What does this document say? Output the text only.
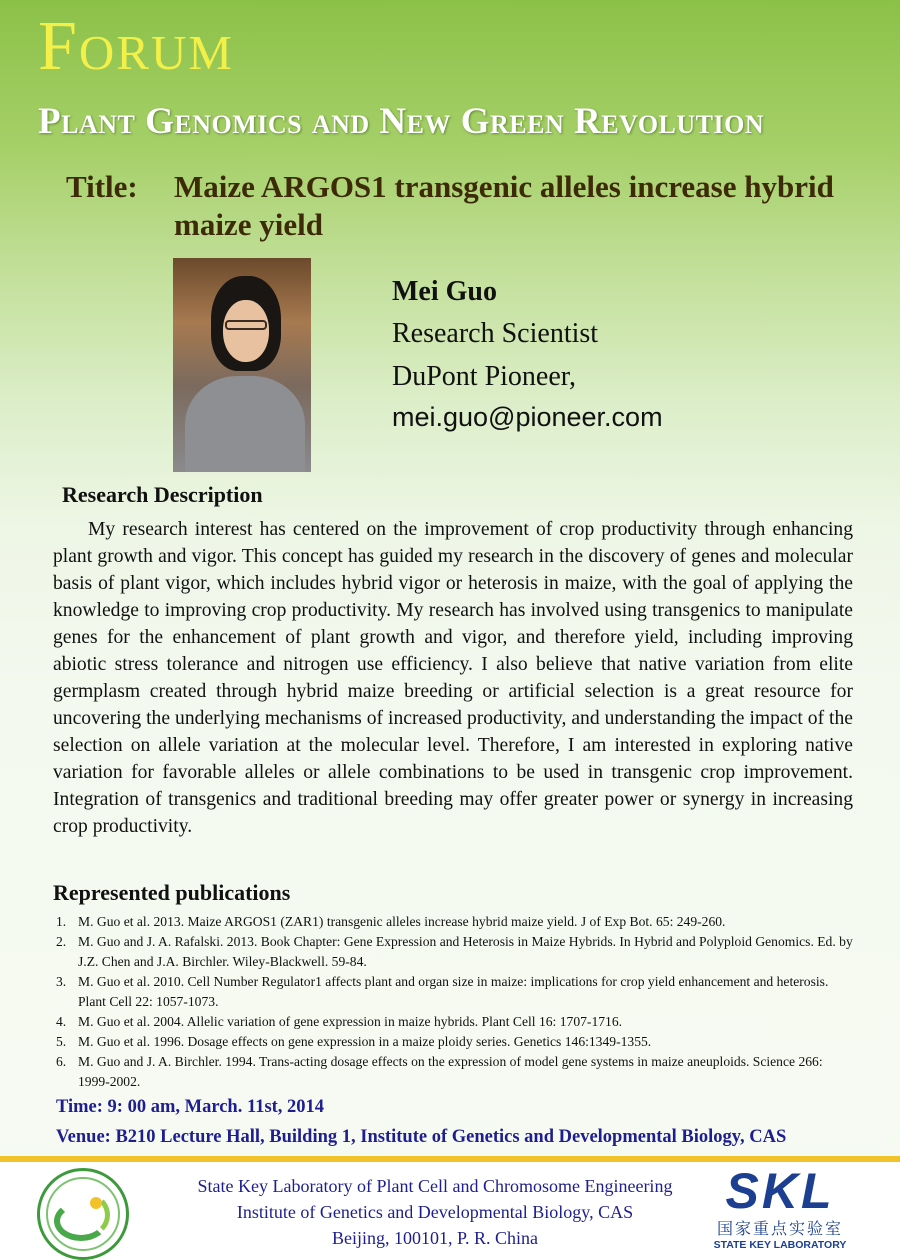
Forum
Plant Genomics and New Green Revolution
Title:	Maize ARGOS1 transgenic alleles increase hybrid maize yield
Mei Guo
Research Scientist
DuPont Pioneer,
mei.guo@pioneer.com
Research Description
My research interest has centered on the improvement of crop productivity through enhancing plant growth and vigor. This concept has guided my research in the discovery of genes and molecular basis of plant vigor, which includes hybrid vigor or heterosis in maize, with the goal of applying the knowledge to improving crop productivity. My research has involved using transgenics to manipulate genes for the enhancement of plant growth and vigor, and therefore yield, including improving abiotic stress tolerance and nitrogen use efficiency. I also believe that native variation from elite germplasm created through hybrid maize breeding or artificial selection is a great resource for uncovering the underlying mechanisms of increased productivity, and understanding the impact of the selection on allele variation at the molecular level. Therefore, I am interested in exploring native variation for favorable alleles or allele combinations to be used in transgenic crop improvement. Integration of transgenics and traditional breeding may offer greater power or synergy in increasing crop productivity.
Represented publications
1. M. Guo et al. 2013. Maize ARGOS1 (ZAR1) transgenic alleles increase hybrid maize yield. J of Exp Bot. 65: 249-260.
2. M. Guo and J. A. Rafalski. 2013. Book Chapter: Gene Expression and Heterosis in Maize Hybrids. In Hybrid and Polyploid Genomics. Ed. by J.Z. Chen and J.A. Birchler. Wiley-Blackwell. 59-84.
3. M. Guo et al. 2010. Cell Number Regulator1 affects plant and organ size in maize: implications for crop yield enhancement and heterosis. Plant Cell 22: 1057-1073.
4. M. Guo et al. 2004. Allelic variation of gene expression in maize hybrids. Plant Cell 16: 1707-1716.
5. M. Guo et al. 1996. Dosage effects on gene expression in a maize ploidy series. Genetics 146:1349-1355.
6. M. Guo and J. A. Birchler. 1994. Trans-acting dosage effects on the expression of model gene systems in maize aneuploids. Science 266: 1999-2002.
Time: 9: 00 am, March. 11st, 2014
Venue: B210 Lecture Hall, Building 1, Institute of Genetics and Developmental Biology, CAS
State Key Laboratory of Plant Cell and Chromosome Engineering
Institute of Genetics and Developmental Biology, CAS
Beijing, 100101, P. R. China
SKL
国家重点实验室
STATE KEY LABORATORY
